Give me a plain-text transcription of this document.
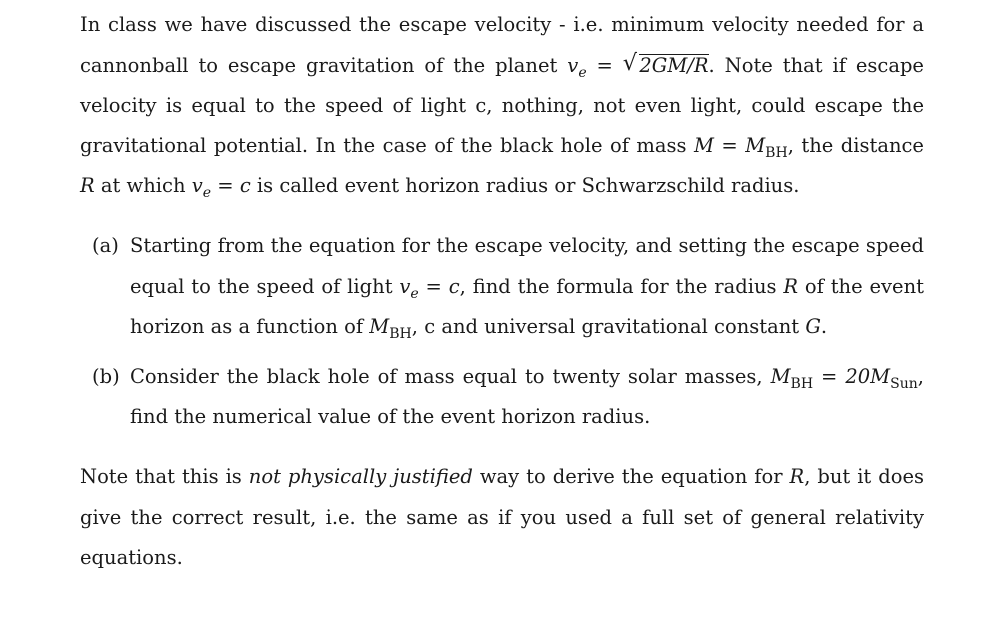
In class we have discussed the escape velocity - i.e. minimum velocity needed for a
cannonball to escape gravitation of the planet $v_e$ = √ 2GM/R. Note that if escape
velocity is equal to the speed of light c, nothing, not even light, could escape the
gravitational potential. In the case of the black hole of mass $M = M_{BH}$, the distance
R at which $v_e = c$ is called event horizon radius or Schwarzschild radius.
(a) Starting from the equation for the escape velocity, and setting the escape speed
equal to the speed of light $v_e = c$, find the formula for the radius R of the event
horizon as a function of $M_{BH}$, c and universal gravitational constant G.
(b) Consider the black hole of mass equal to twenty solar masses, $M_{BH} = 20M_{Sun}$,
find the numerical value of the event horizon radius.
Note that this is not physically justified way to derive the equation for R, but it does
give the correct result, i.e. the same as if you used a full set of general relativity
equations.
